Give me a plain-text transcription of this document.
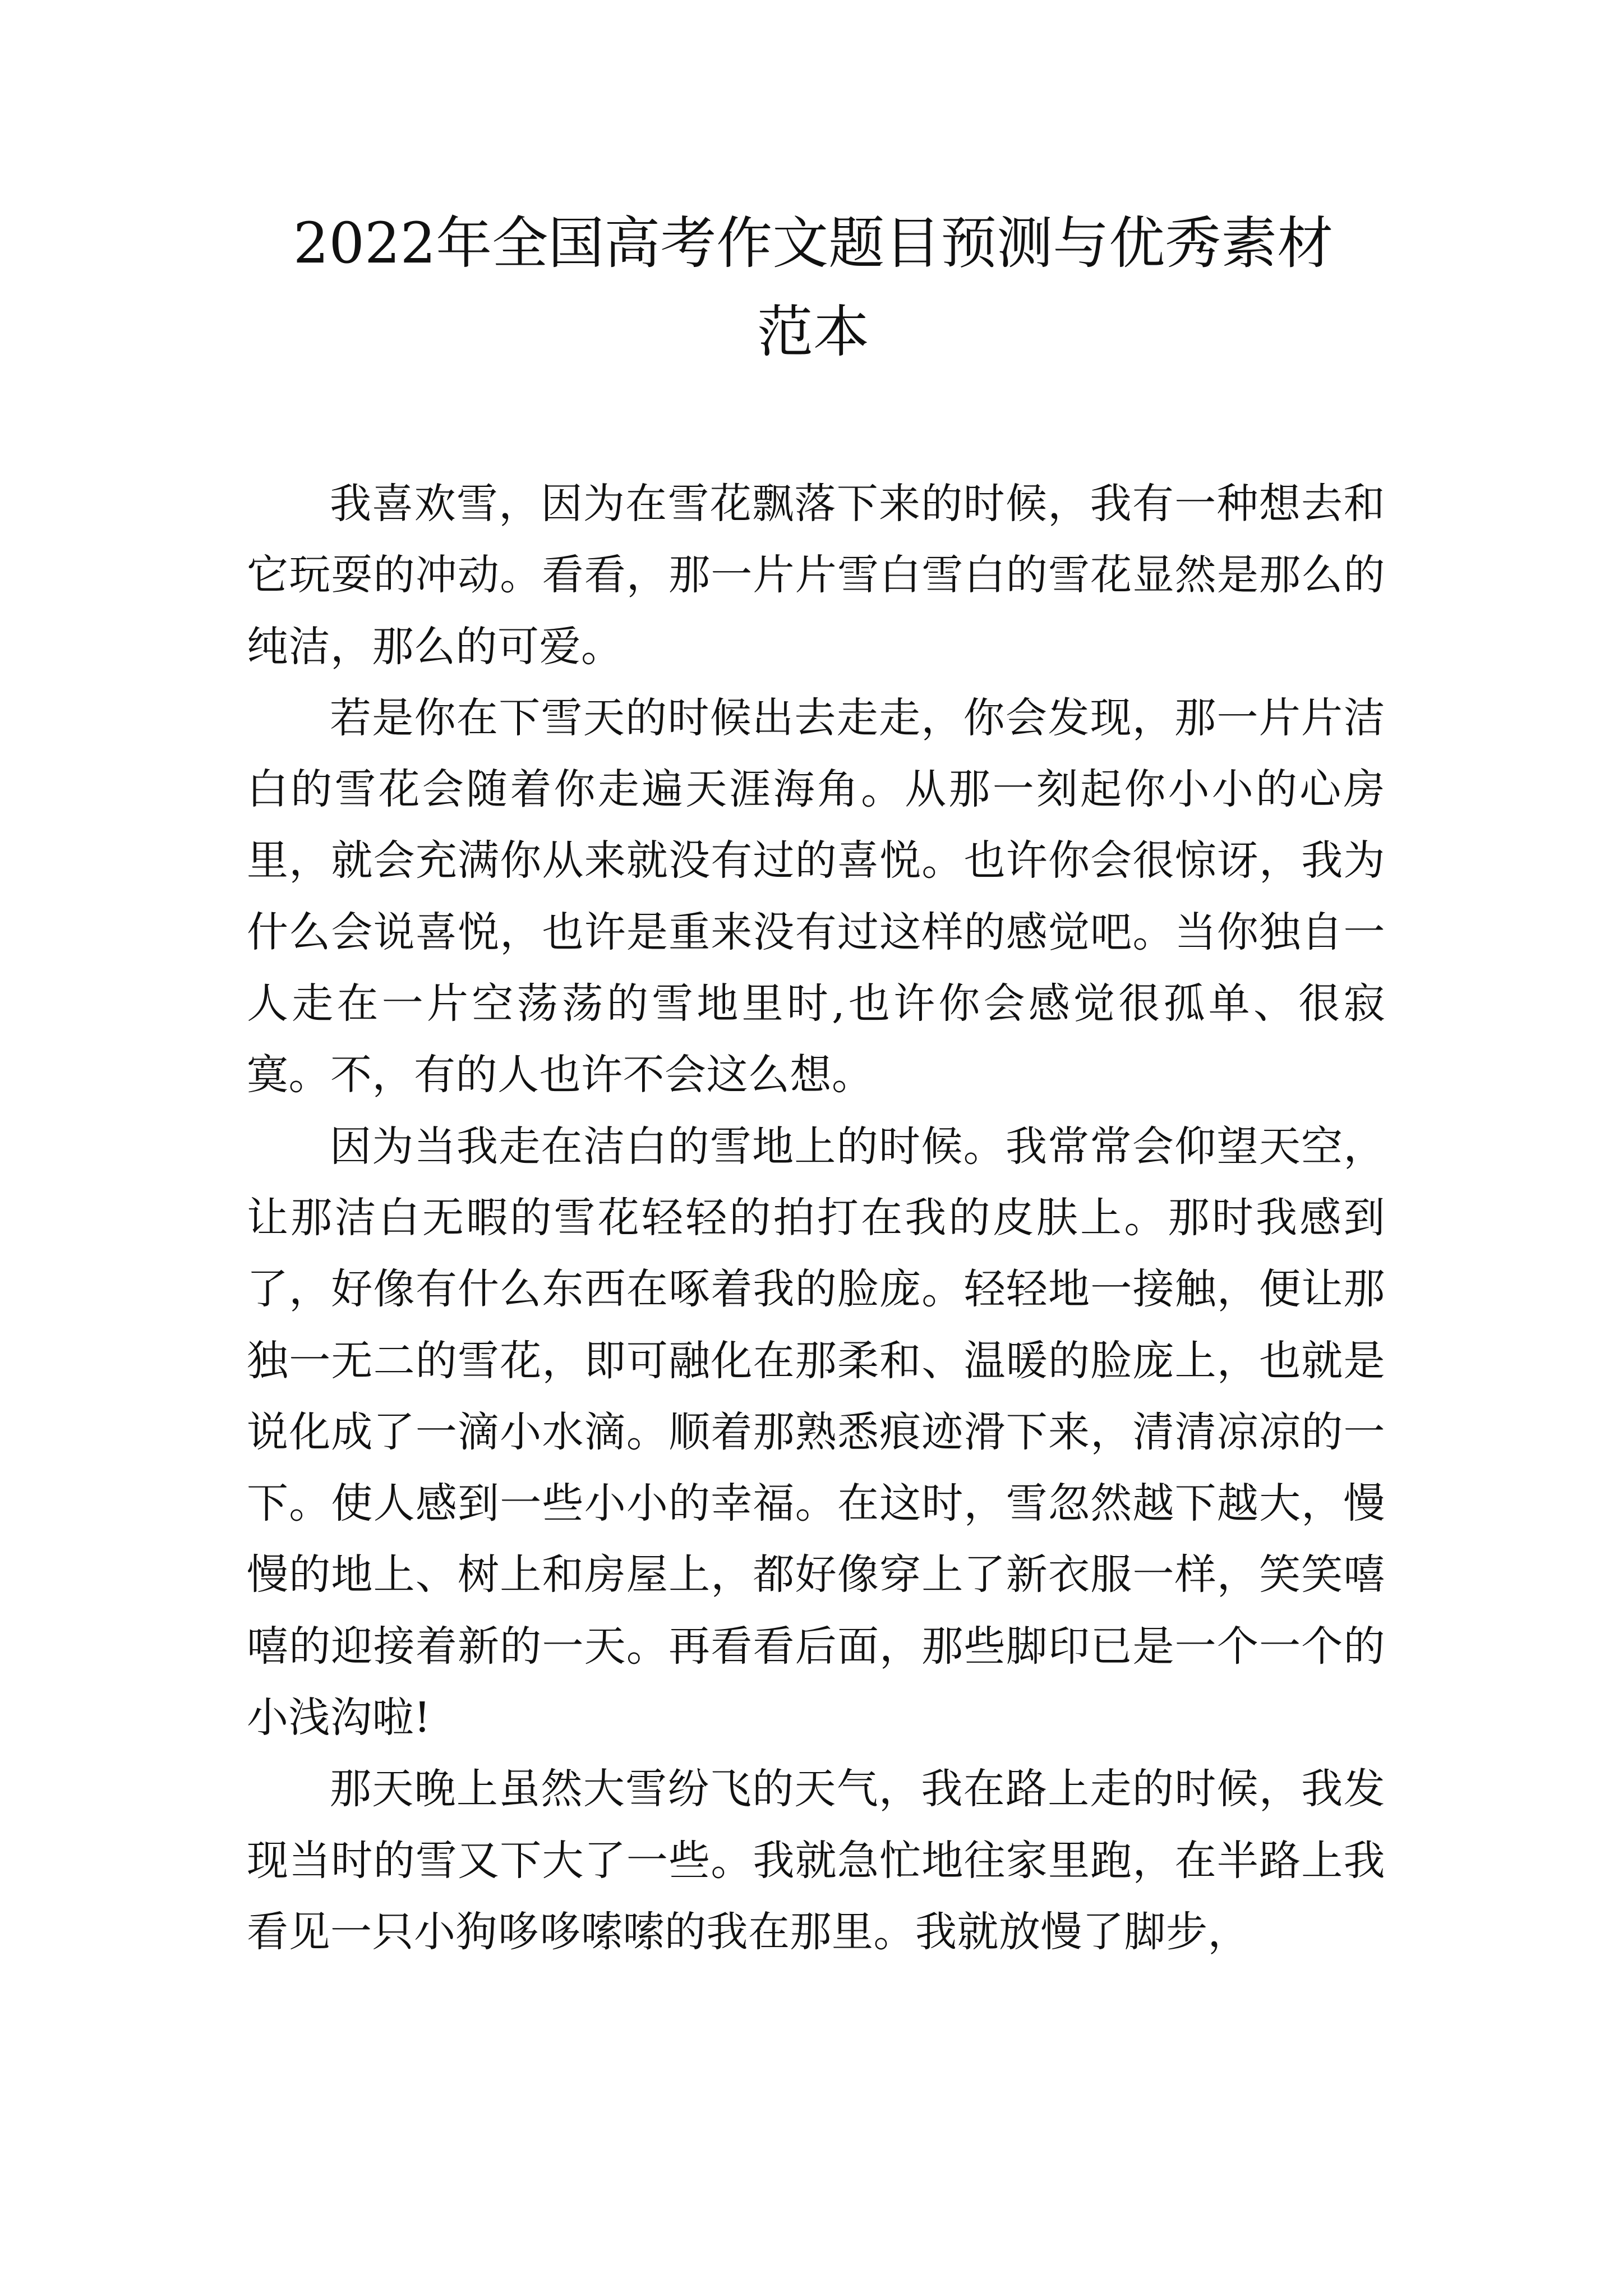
2022年全国高考作文题目预测与优秀素材
范本

我喜欢雪，因为在雪花飘落下来的时候，我有一种想去和它玩耍的冲动。看看，那一片片雪白雪白的雪花显然是那么的纯洁，那么的可爱。

若是你在下雪天的时候出去走走，你会发现，那一片片洁白的雪花会随着你走遍天涯海角。从那一刻起你小小的心房里，就会充满你从来就没有过的喜悦。也许你会很惊讶，我为什么会说喜悦，也许是重来没有过这样的感觉吧。当你独自一人走在一片空荡荡的雪地里时,也许你会感觉很孤单、很寂寞。不，有的人也许不会这么想。

因为当我走在洁白的雪地上的时候。我常常会仰望天空，让那洁白无暇的雪花轻轻的拍打在我的皮肤上。那时我感到了，好像有什么东西在啄着我的脸庞。轻轻地一接触，便让那独一无二的雪花，即可融化在那柔和、温暖的脸庞上，也就是说化成了一滴小水滴。顺着那熟悉痕迹滑下来，清清凉凉的一下。使人感到一些小小的幸福。在这时，雪忽然越下越大，慢慢的地上、树上和房屋上，都好像穿上了新衣服一样，笑笑嘻嘻的迎接着新的一天。再看看后面，那些脚印已是一个一个的小浅沟啦!

那天晚上虽然大雪纷飞的天气，我在路上走的时候，我发现当时的雪又下大了一些。我就急忙地往家里跑，在半路上我看见一只小狗哆哆嗦嗦的我在那里。我就放慢了脚步，
